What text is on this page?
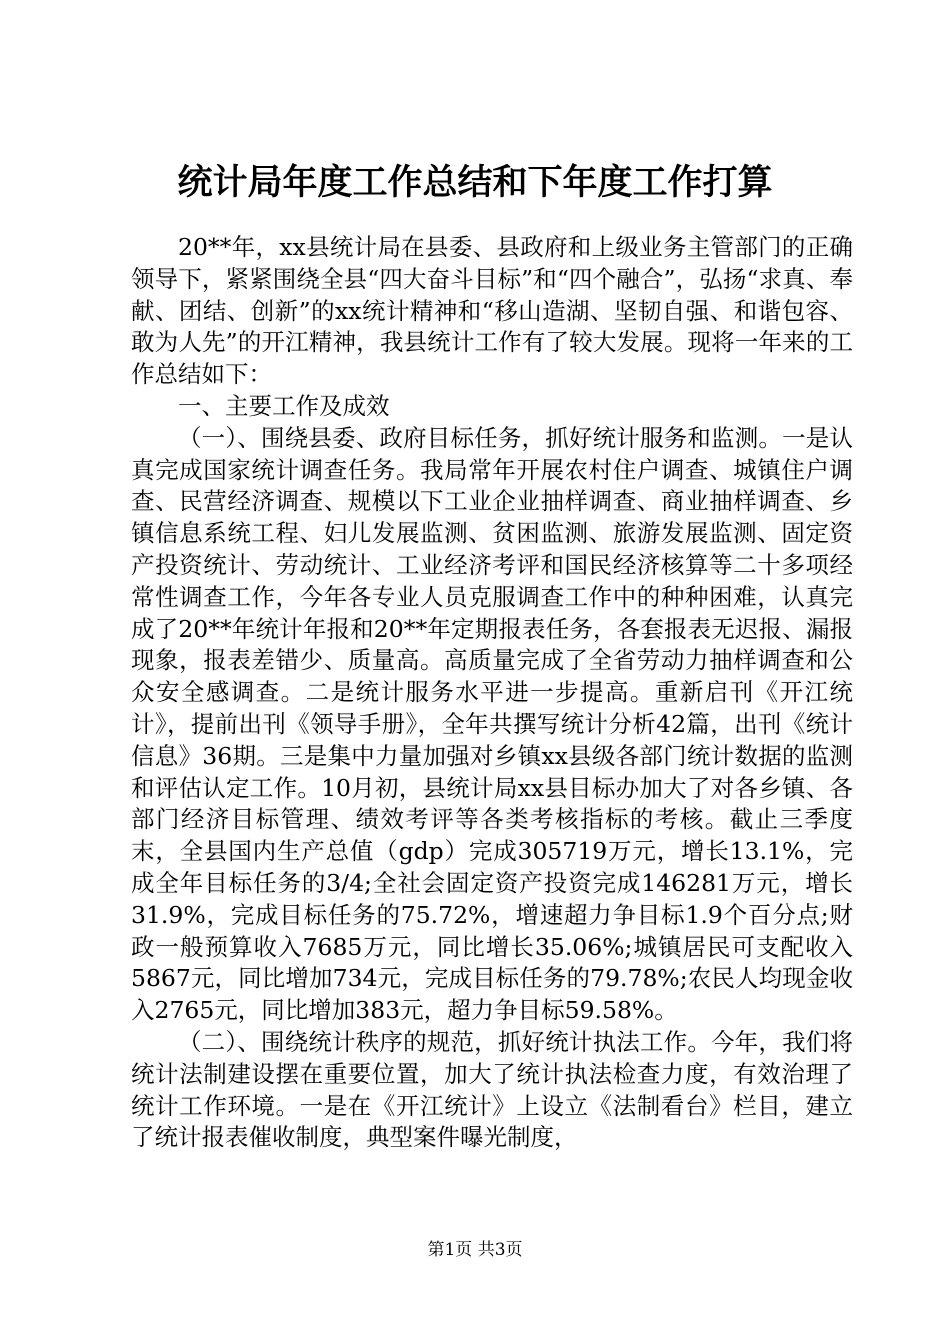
统计局年度工作总结和下年度工作打算

20**年，xx县统计局在县委、县政府和上级业务主管部门的正确领导下，紧紧围绕全县“四大奋斗目标”和“四个融合”，弘扬“求真、奉献、团结、创新”的xx统计精神和“移山造湖、坚韧自强、和谐包容、敢为人先”的开江精神，我县统计工作有了较大发展。现将一年来的工作总结如下：

一、主要工作及成效

（一）、围绕县委、政府目标任务，抓好统计服务和监测。一是认真完成国家统计调查任务。我局常年开展农村住户调查、城镇住户调查、民营经济调查、规模以下工业企业抽样调查、商业抽样调查、乡镇信息系统工程、妇儿发展监测、贫困监测、旅游发展监测、固定资产投资统计、劳动统计、工业经济考评和国民经济核算等二十多项经常性调查工作，今年各专业人员克服调查工作中的种种困难，认真完成了20**年统计年报和20**年定期报表任务，各套报表无迟报、漏报现象，报表差错少、质量高。高质量完成了全省劳动力抽样调查和公众安全感调查。二是统计服务水平进一步提高。重新启刊《开江统计》，提前出刊《领导手册》，全年共撰写统计分析42篇，出刊《统计信息》36期。三是集中力量加强对乡镇xx县级各部门统计数据的监测和评估认定工作。10月初，县统计局xx县目标办加大了对各乡镇、各部门经济目标管理、绩效考评等各类考核指标的考核。截止三季度末，全县国内生产总值（gdp）完成305719万元，增长13.1%，完成全年目标任务的3/4;全社会固定资产投资完成146281万元，增长31.9%，完成目标任务的75.72%，增速超力争目标1.9个百分点;财政一般预算收入7685万元，同比增长35.06%;城镇居民可支配收入5867元，同比增加734元，完成目标任务的79.78%;农民人均现金收入2765元，同比增加383元，超力争目标59.58%。

（二）、围绕统计秩序的规范，抓好统计执法工作。今年，我们将统计法制建设摆在重要位置，加大了统计执法检查力度，有效治理了统计工作环境。一是在《开江统计》上设立《法制看台》栏目，建立了统计报表催收制度，典型案件曝光制度，

第1页 共3页
